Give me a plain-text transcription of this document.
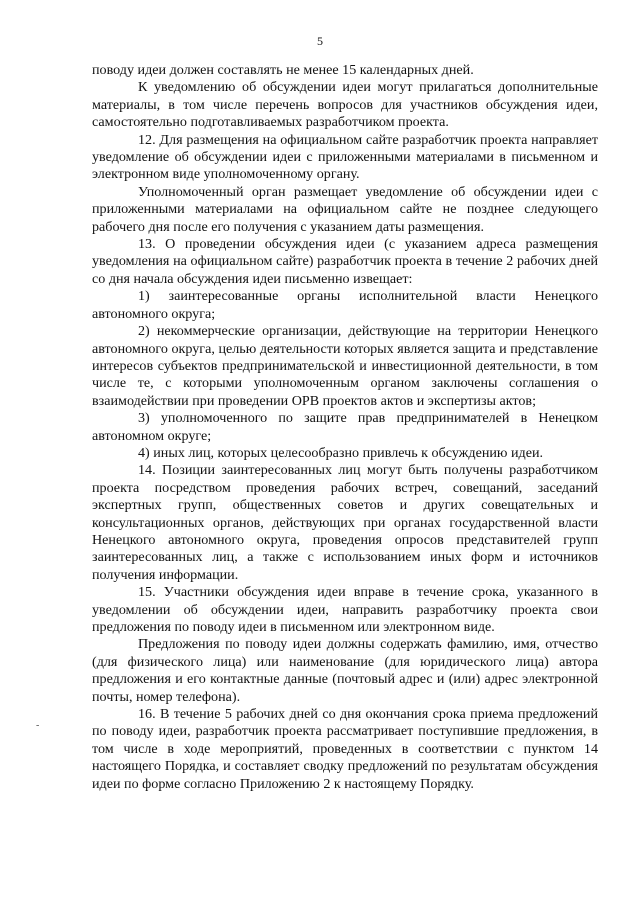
5

поводу идеи должен составлять не менее 15 календарных дней.

К уведомлению об обсуждении идеи могут прилагаться дополнительные материалы, в том числе перечень вопросов для участников обсуждения идеи, самостоятельно подготавливаемых разработчиком проекта.

12. Для размещения на официальном сайте разработчик проекта направляет уведомление об обсуждении идеи с приложенными материалами в письменном и электронном виде уполномоченному органу.

Уполномоченный орган размещает уведомление об обсуждении идеи с приложенными материалами на официальном сайте не позднее следующего рабочего дня после его получения с указанием даты размещения.

13. О проведении обсуждения идеи (с указанием адреса размещения уведомления на официальном сайте) разработчик проекта в течение 2 рабочих дней со дня начала обсуждения идеи письменно извещает:

1) заинтересованные органы исполнительной власти Ненецкого автономного округа;

2) некоммерческие организации, действующие на территории Ненецкого автономного округа, целью деятельности которых является защита и представление интересов субъектов предпринимательской и инвестиционной деятельности, в том числе те, с которыми уполномоченным органом заключены соглашения о взаимодействии при проведении ОРВ проектов актов и экспертизы актов;

3) уполномоченного по защите прав предпринимателей в Ненецком автономном округе;

4) иных лиц, которых целесообразно привлечь к обсуждению идеи.

14. Позиции заинтересованных лиц могут быть получены разработчиком проекта посредством проведения рабочих встреч, совещаний, заседаний экспертных групп, общественных советов и других совещательных и консультационных органов, действующих при органах государственной власти Ненецкого автономного округа, проведения опросов представителей групп заинтересованных лиц, а также с использованием иных форм и источников получения информации.

15. Участники обсуждения идеи вправе в течение срока, указанного в уведомлении об обсуждении идеи, направить разработчику проекта свои предложения по поводу идеи в письменном или электронном виде.

Предложения по поводу идеи должны содержать фамилию, имя, отчество (для физического лица) или наименование (для юридического лица) автора предложения и его контактные данные (почтовый адрес и (или) адрес электронной почты, номер телефона).

16. В течение 5 рабочих дней со дня окончания срока приема предложений по поводу идеи, разработчик проекта рассматривает поступившие предложения, в том числе в ходе мероприятий, проведенных в соответствии с пунктом 14 настоящего Порядка, и составляет сводку предложений по результатам обсуждения идеи по форме согласно Приложению 2 к настоящему Порядку.

-
